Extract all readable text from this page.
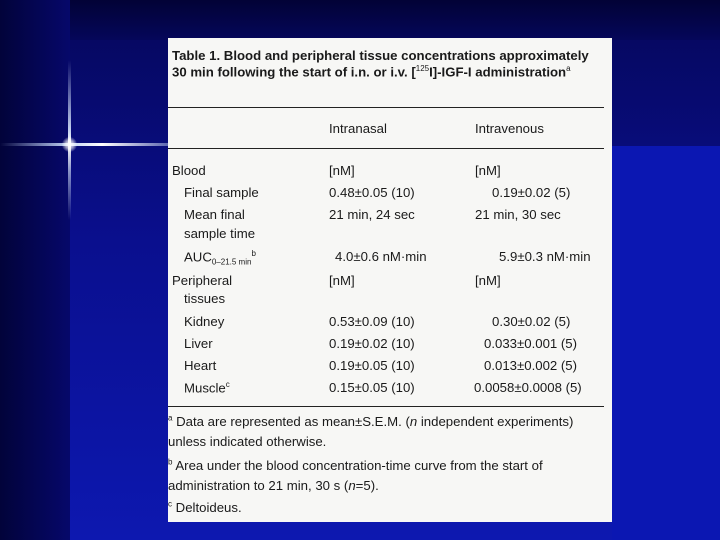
Table 1. Blood and peripheral tissue concentrations approximately 30 min following the start of i.n. or i.v. [$^{125}$I]-IGF-I administration$^a$
Intranasal	Intravenous
Blood	[nM]	[nM]
Final sample	0.48±0.05 (10)	0.19±0.02 (5)
Mean final
sample time
21 min, 24 sec	21 min, 30 sec
$AUC_{0-21.5 min}^b$	4.0±0.6 nM·min	5.9±0.3 nM·min
Peripheral
tissues
[nM]	[nM]
Kidney	0.53±0.09 (10)	0.30±0.02 (5)
Liver	0.19±0.02 (10)	0.033±0.001 (5)
Heart	0.19±0.05 (10)	0.013±0.002 (5)
Muscle$^c$	0.15±0.05 (10)	0.0058±0.0008 (5)
$^a$ Data are represented as mean±S.E.M. (n independent experiments) unless indicated otherwise.
$^b$ Area under the blood concentration-time curve from the start of administration to 21 min, 30 s (n=5).
$^c$ Deltoideus.
